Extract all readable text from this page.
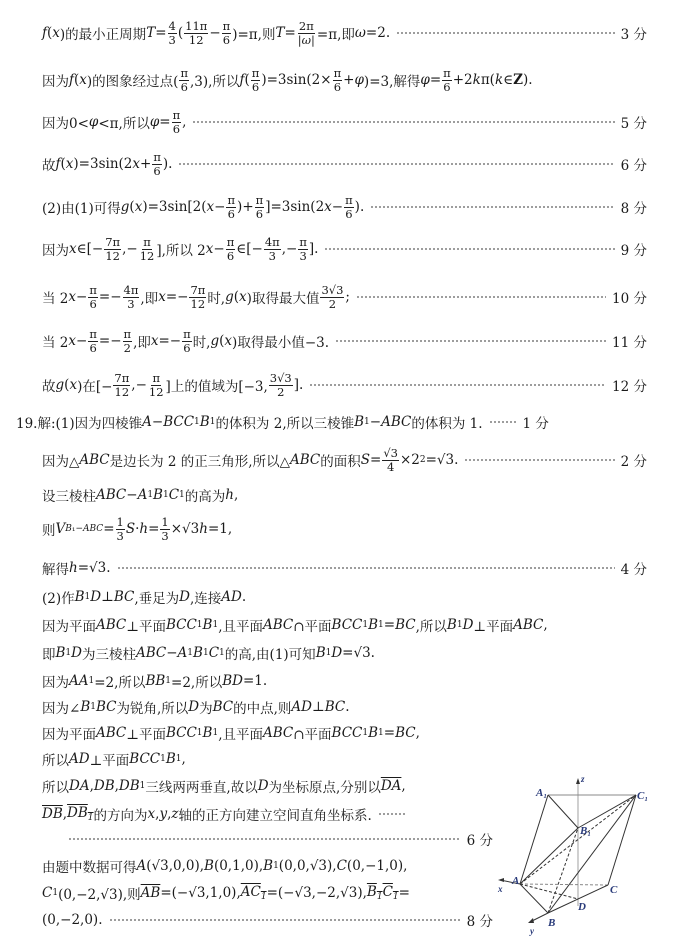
f ( x )的最小正周期 $T = \frac{4}{3}$ ( $\frac{11\pi}{12} - \frac{\pi}{6} )=\pi$,则 $T = \frac{2\pi}{|\omega|} =\pi$,即 ω =2.	3 分
因为 f ( x )的图象经过点( $\frac{\pi}{6} ,3$),所以 f ( $\frac{\pi}{6} )=3\sin(2\times \frac{\pi}{6} + \varphi$ )=3,解得 $\varphi = \frac{\pi}{6} +2$ k π( k ∈ Z ).
因为0< φ <π,所以 $\varphi = \frac{\pi}{6}$ ,	5 分
故 f ( x )=3sin(2 $x + \frac{\pi}{6}$ ).	6 分
(2)由(1)可得 g ( x )=3sin[2( $x - \frac{\pi}{6}$ )+ $\frac{\pi}{6} ]=3\sin(2$ $x - \frac{\pi}{6}$ ).	8 分
因为 x ∈[− $\frac{7\pi}{12}$ ,− $\frac{\pi}{12}$ ],所以 2 $x - \frac{\pi}{6}$ ∈[− $\frac{4\pi}{3}$ ,− $\frac{\pi}{3}$ ].	9 分
当 2 $x - \frac{\pi}{6} =- \frac{4\pi}{3}$ ,即 $x =- \frac{7\pi}{12}$ 时, g ( x )取得最大值 $\frac{3√3}{2}$ ;	10 分
当 2 $x - \frac{\pi}{6} =- \frac{\pi}{2}$ ,即 $x =- \frac{\pi}{6}$ 时, g ( x )取得最小值−3.	11 分
故 g ( x )在[− $\frac{7\pi}{12}$ ,− $\frac{\pi}{12}$ ]上的值域为[−3, $\frac{3√3}{2}$ ].	12 分
19.解:(1)因为四棱锥 A − BCC 1 B 1 的体积为 2,所以三棱锥 B 1 − ABC 的体积为 1.	1 分
因为△ ABC 是边长为 2 的正三角形,所以△ ABC 的面积 $S = \frac{√3}{4} \times 2$ 2 =√3.	2 分
设三棱柱 ABC − A 1 B 1 C 1 的高为 h ,
则 V $B_1-ABC = \frac{1}{3}$ $S \cdot h = \frac{1}{3} \times√3$ h =1,
解得 h =√3.	4 分
(2)作 B 1 D ⊥ BC ,垂足为 D ,连接 AD .
因为平面 ABC ⊥平面 BCC 1 B 1 ,且平面 ABC ∩平面 BCC 1 B 1 = BC ,所以 B 1 D ⊥平面 ABC ,
即 B 1 D 为三棱柱 ABC − A 1 B 1 C 1 的高,由(1)可知 B 1 D =√3.
因为 AA 1 =2,所以 BB 1 =2,所以 BD =1.
因为∠ B 1 BC 为锐角,所以 D 为 BC 的中点,则 AD ⊥ BC .
因为平面 ABC ⊥平面 BCC 1 B 1 ,且平面 ABC ∩平面 BCC 1 B 1 = BC ,
所以 AD ⊥平面 BCC 1 B 1 ,
所以 DA , DB , DB 1 三线两两垂直,故以 D 为坐标原点,分别以 $\overline{DA}$ ,
$\overline{DB}$ , $DB_1$ 的方向为 x , y , z 轴的正方向建立空间直角坐标系.
6 分
由题中数据可得 A (√3,0,0), B (0,1,0), B 1 (0,0,√3), C (0,−1,0),
C 1 (0,−2,√3),则 $\overline{AB} =(-√3,1,0)$, $AC_1 =(-√3,-2,√3)$, $B_1C_1$ =
(0,−2,0).	8 分
A₁
B₁
C₁
A
B
C
D
x
y
z
